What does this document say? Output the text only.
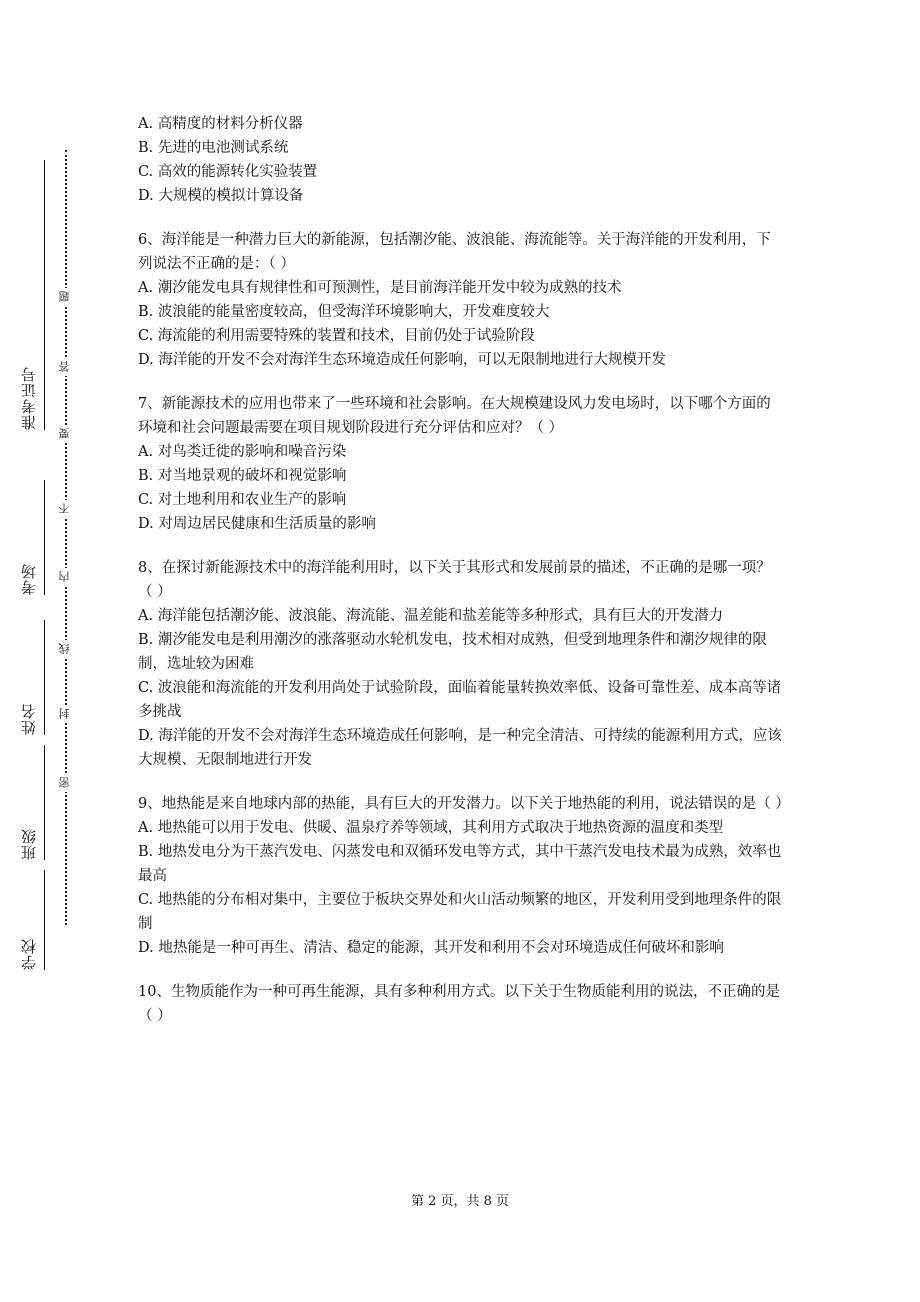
准考证号
考场
姓名
班级
学校
题
答
要
不
内
线
封
密
A. 高精度的材料分析仪器
B. 先进的电池测试系统
C. 高效的能源转化实验装置
D. 大规模的模拟计算设备
6、海洋能是一种潜力巨大的新能源，包括潮汐能、波浪能、海流能等。关于海洋能的开发利用，下列说法不正确的是：（ ）
A. 潮汐能发电具有规律性和可预测性，是目前海洋能开发中较为成熟的技术
B. 波浪能的能量密度较高，但受海洋环境影响大，开发难度较大
C. 海流能的利用需要特殊的装置和技术，目前仍处于试验阶段
D. 海洋能的开发不会对海洋生态环境造成任何影响，可以无限制地进行大规模开发
7、新能源技术的应用也带来了一些环境和社会影响。在大规模建设风力发电场时，以下哪个方面的环境和社会问题最需要在项目规划阶段进行充分评估和应对？（ ）
A. 对鸟类迁徙的影响和噪音污染
B. 对当地景观的破坏和视觉影响
C. 对土地利用和农业生产的影响
D. 对周边居民健康和生活质量的影响
8、在探讨新能源技术中的海洋能利用时，以下关于其形式和发展前景的描述，不正确的是哪一项？（ ）
A. 海洋能包括潮汐能、波浪能、海流能、温差能和盐差能等多种形式，具有巨大的开发潜力
B. 潮汐能发电是利用潮汐的涨落驱动水轮机发电，技术相对成熟，但受到地理条件和潮汐规律的限制，选址较为困难
C. 波浪能和海流能的开发利用尚处于试验阶段，面临着能量转换效率低、设备可靠性差、成本高等诸多挑战
D. 海洋能的开发不会对海洋生态环境造成任何影响，是一种完全清洁、可持续的能源利用方式，应该大规模、无限制地进行开发
9、地热能是来自地球内部的热能，具有巨大的开发潜力。以下关于地热能的利用，说法错误的是（ ）
A. 地热能可以用于发电、供暖、温泉疗养等领域，其利用方式取决于地热资源的温度和类型
B. 地热发电分为干蒸汽发电、闪蒸发电和双循环发电等方式，其中干蒸汽发电技术最为成熟，效率也最高
C. 地热能的分布相对集中，主要位于板块交界处和火山活动频繁的地区，开发利用受到地理条件的限制
D. 地热能是一种可再生、清洁、稳定的能源，其开发和利用不会对环境造成任何破坏和影响
10、生物质能作为一种可再生能源，具有多种利用方式。以下关于生物质能利用的说法，不正确的是（ ）
第 2 页，共 8 页
